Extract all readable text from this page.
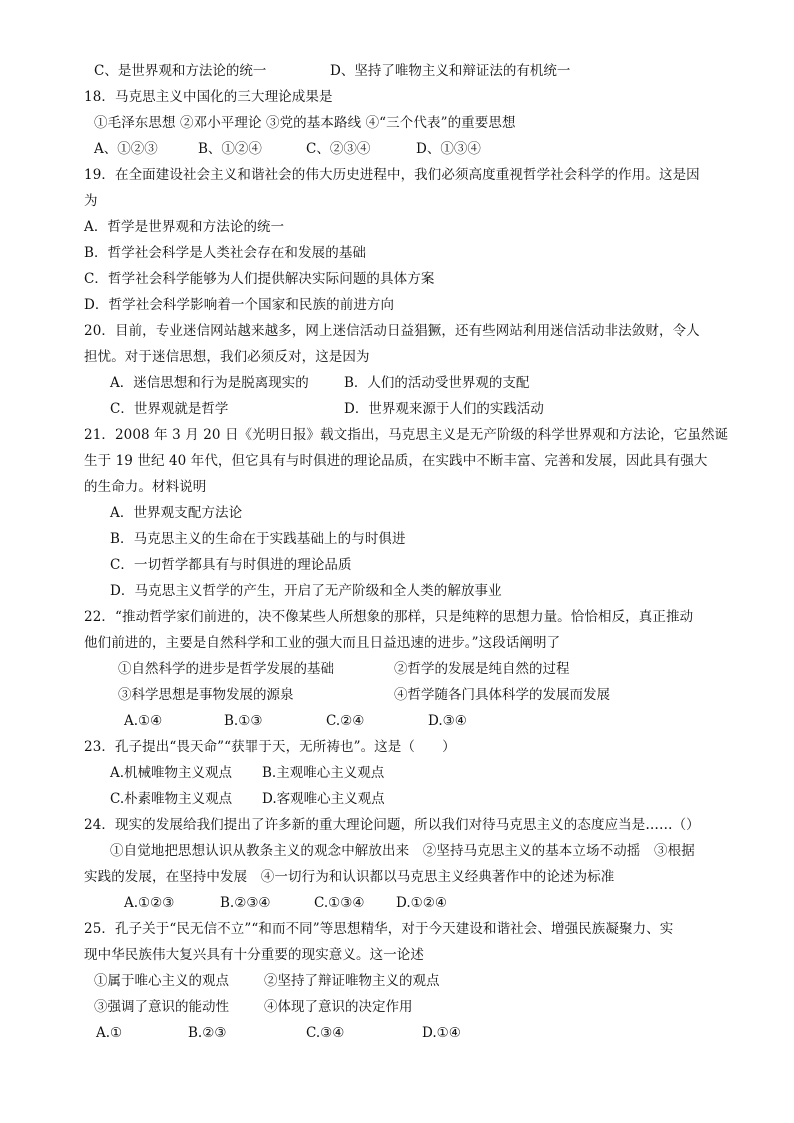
C、是世界观和方法论的统一	D、坚持了唯物主义和辩证法的有机统一
18．马克思主义中国化的三大理论成果是
①毛泽东思想 ②邓小平理论 ③党的基本路线 ④“三个代表”的重要思想
A、①②③	B、①②④	C、②③④	D、①③④
19．在全面建设社会主义和谐社会的伟大历史进程中，我们必须高度重视哲学社会科学的作用。这是因
为
A．哲学是世界观和方法论的统一
B．哲学社会科学是人类社会存在和发展的基础
C．哲学社会科学能够为人们提供解决实际问题的具体方案
D．哲学社会科学影响着一个国家和民族的前进方向
20．目前，专业迷信网站越来越多，网上迷信活动日益猖獗，还有些网站利用迷信活动非法敛财，令人
担忧。对于迷信思想，我们必须反对，这是因为
A．迷信思想和行为是脱离现实的	B．人们的活动受世界观的支配
C．世界观就是哲学	D．世界观来源于人们的实践活动
21．2008 年 3 月 20 日《光明日报》载文指出，马克思主义是无产阶级的科学世界观和方法论，它虽然诞
生于 19 世纪 40 年代，但它具有与时俱进的理论品质，在实践中不断丰富、完善和发展，因此具有强大
的生命力。材料说明
A．世界观支配方法论
B．马克思主义的生命在于实践基础上的与时俱进
C．一切哲学都具有与时俱进的理论品质
D．马克思主义哲学的产生，开启了无产阶级和全人类的解放事业
22．“推动哲学家们前进的，决不像某些人所想象的那样，只是纯粹的思想力量。恰恰相反，真正推动
他们前进的，主要是自然科学和工业的强大而且日益迅速的进步。”这段话阐明了
①自然科学的进步是哲学发展的基础	②哲学的发展是纯自然的过程
③科学思想是事物发展的源泉	④哲学随各门具体科学的发展而发展
A.①④	B.①③	C.②④	D.③④
23．孔子提出“畏天命”“获罪于天，无所祷也”。这是（　　）
A.机械唯物主义观点 B.主观唯心主义观点
C.朴素唯物主义观点 D.客观唯心主义观点
24．现实的发展给我们提出了许多新的重大理论问题，所以我们对待马克思主义的态度应当是……（）
①自觉地把思想认识从教条主义的观念中解放出来　②坚持马克思主义的基本立场不动摇　③根据
实践的发展，在坚持中发展　④一切行为和认识都以马克思主义经典著作中的论述为标准
A.①②③	B.②③④	C.①③④ D.①②④
25．孔子关于“民无信不立”“和而不同”等思想精华，对于今天建设和谐社会、增强民族凝聚力、实
现中华民族伟大复兴具有十分重要的现实意义。这一论述
①属于唯心主义的观点	②坚持了辩证唯物主义的观点
③强调了意识的能动性	④体现了意识的决定作用
A.①	B.②③	C.③④	D.①④
